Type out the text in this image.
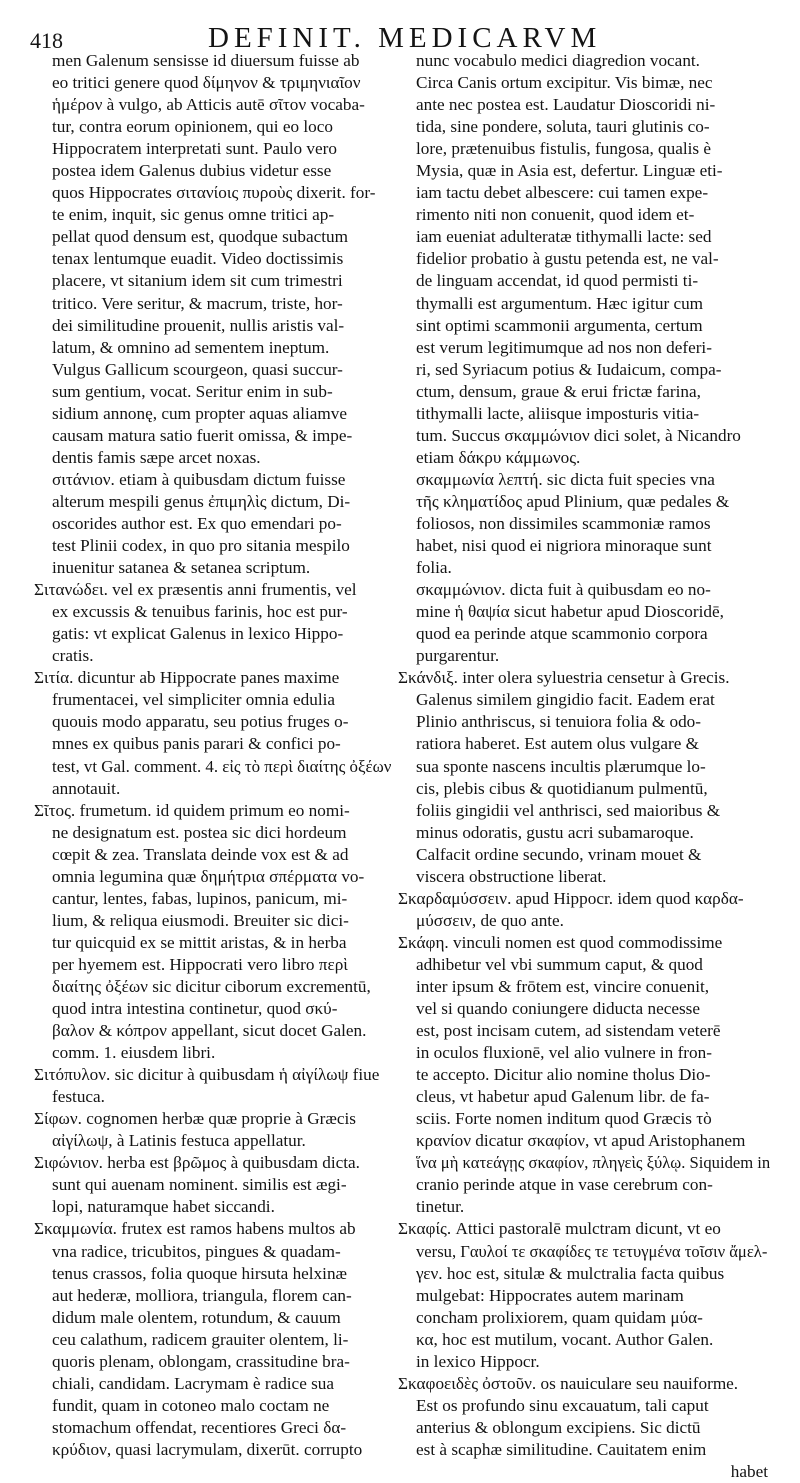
418	DEFINIT. MEDICARVM
men Galenum sensisse id diuersum fuisse ab
eo tritici genere quod δίμηνον & τριμηνιαῖον
ἡμέρον à vulgo, ab Atticis autē σῖτον vocaba-
tur, contra eorum opinionem, qui eo loco
Hippocratem interpretati sunt. Paulo vero
postea idem Galenus dubius videtur esse
quos Hippocrates σιτανίοις πυροὺς dixerit. for-
te enim, inquit, sic genus omne tritici ap-
pellat quod densum est, quodque subactum
tenax lentumque euadit. Video doctissimis
placere, vt sitanium idem sit cum trimestri
tritico. Vere seritur, & macrum, triste, hor-
dei similitudine prouenit, nullis aristis val-
latum, & omnino ad sementem ineptum.
Vulgus Gallicum scourgeon, quasi succur-
sum gentium, vocat. Seritur enim in sub-
sidium annonę, cum propter aquas aliamve
causam matura satio fuerit omissa, & impe-
dentis famis sæpe arcet noxas.
σιτάνιον. etiam à quibusdam dictum fuisse
alterum mespili genus ἐπιμηλὶς dictum, Di-
oscorides author est. Ex quo emendari po-
test Plinii codex, in quo pro sitania mespilo
inuenitur satanea & setanea scriptum.
Σιτανώδει. vel ex præsentis anni frumentis, vel
ex excussis & tenuibus farinis, hoc est pur-
gatis: vt explicat Galenus in lexico Hippo-
cratis.
Σιτία. dicuntur ab Hippocrate panes maxime
frumentacei, vel simpliciter omnia edulia
quouis modo apparatu, seu potius fruges o-
mnes ex quibus panis parari & confici po-
test, vt Gal. comment. 4. εἰς τὸ περὶ διαίτης ὀξέων
annotauit.
Σῖτος. frumetum. id quidem primum eo nomi-
ne designatum est. postea sic dici hordeum
cœpit & zea. Translata deinde vox est & ad
omnia legumina quæ δημήτρια σπέρματα vo-
cantur, lentes, fabas, lupinos, panicum, mi-
lium, & reliqua eiusmodi. Breuiter sic dici-
tur quicquid ex se mittit aristas, & in herba
per hyemem est. Hippocrati vero libro περὶ
διαίτης ὀξέων sic dicitur ciborum excrementū,
quod intra intestina continetur, quod σκύ-
βαλον & κόπρον appellant, sicut docet Galen.
comm. 1. eiusdem libri.
Σιτόπυλον. sic dicitur à quibusdam ἡ αἰγίλωψ fiue
festuca.
Σίφων. cognomen herbæ quæ proprie à Græcis
αἰγίλωψ, à Latinis festuca appellatur.
Σιφώνιον. herba est βρῶμος à quibusdam dicta.
sunt qui auenam nominent. similis est ægi-
lopi, naturamque habet siccandi.
Σκαμμωνία. frutex est ramos habens multos ab
vna radice, tricubitos, pingues & quadam-
tenus crassos, folia quoque hirsuta helxinæ
aut hederæ, molliora, triangula, florem can-
didum male olentem, rotundum, & cauum
ceu calathum, radicem grauiter olentem, li-
quoris plenam, oblongam, crassitudine bra-
chiali, candidam. Lacrymam è radice sua
fundit, quam in cotoneo malo coctam ne
stomachum offendat, recentiores Greci δα-
κρύδιον, quasi lacrymulam, dixerūt. corrupto
nunc vocabulo medici diagredion vocant.
Circa Canis ortum excipitur. Vis bimæ, nec
ante nec postea est. Laudatur Dioscoridi ni-
tida, sine pondere, soluta, tauri glutinis co-
lore, prætenuibus fistulis, fungosa, qualis è
Mysia, quæ in Asia est, defertur. Linguæ eti-
iam tactu debet albescere: cui tamen expe-
rimento niti non conuenit, quod idem et-
iam eueniat adulteratæ tithymalli lacte: sed
fidelior probatio à gustu petenda est, ne val-
de linguam accendat, id quod permisti ti-
thymalli est argumentum. Hæc igitur cum
sint optimi scammonii argumenta, certum
est verum legitimumque ad nos non deferi-
ri, sed Syriacum potius & Iudaicum, compa-
ctum, densum, graue & erui frictæ farina,
tithymalli lacte, aliisque imposturis vitia-
tum. Succus σκαμμώνιον dici solet, à Nicandro
etiam δάκρυ κάμμωνος.
σκαμμωνία λεπτή. sic dicta fuit species vna
τῆς κληματίδος apud Plinium, quæ pedales &
foliosos, non dissimiles scammoniæ ramos
habet, nisi quod ei nigriora minoraque sunt
folia.
σκαμμώνιον. dicta fuit à quibusdam eo no-
mine ἡ θαψία sicut habetur apud Dioscoridē,
quod ea perinde atque scammonio corpora
purgarentur.
Σκάνδιξ. inter olera syluestria censetur à Grecis.
Galenus similem gingidio facit. Eadem erat
Plinio anthriscus, si tenuiora folia & odo-
ratiora haberet. Est autem olus vulgare &
sua sponte nascens incultis plærumque lo-
cis, plebis cibus & quotidianum pulmentū,
foliis gingidii vel anthrisci, sed maioribus &
minus odoratis, gustu acri subamaroque.
Calfacit ordine secundo, vrinam mouet &
viscera obstructione liberat.
Σκαρδαμύσσειν. apud Hippocr. idem quod καρδα-
μύσσειν, de quo ante.
Σκάφη. vinculi nomen est quod commodissime
adhibetur vel vbi summum caput, & quod
inter ipsum & frōtem est, vincire conuenit,
vel si quando coniungere diducta necesse
est, post incisam cutem, ad sistendam veterē
in oculos fluxionē, vel alio vulnere in fron-
te accepto. Dicitur alio nomine tholus Dio-
cleus, vt habetur apud Galenum libr. de fa-
sciis. Forte nomen inditum quod Græcis τὸ
κρανίον dicatur σκαφίον, vt apud Aristophanem
ἵνα μὴ κατεάγῃς σκαφίον, πληγεὶς ξύλῳ. Siquidem in
cranio perinde atque in vase cerebrum con-
tinetur.
Σκαφίς. Attici pastoralē mulctram dicunt, vt eo
versu, Γαυλοί τε σκαφίδες τε τετυγμένα τοῖσιν ἄμελ-
γεν. hoc est, situlæ & mulctralia facta quibus
mulgebat: Hippocrates autem marinam
concham prolixiorem, quam quidam μύα-
κα, hoc est mutilum, vocant. Author Galen.
in lexico Hippocr.
Σκαφοειδὲς ὀστοῦν. os nauiculare seu nauiforme.
Est os profundo sinu excauatum, tali caput
anterius & oblongum excipiens. Sic dictū
est à scaphæ similitudine. Cauitatem enim
habet
